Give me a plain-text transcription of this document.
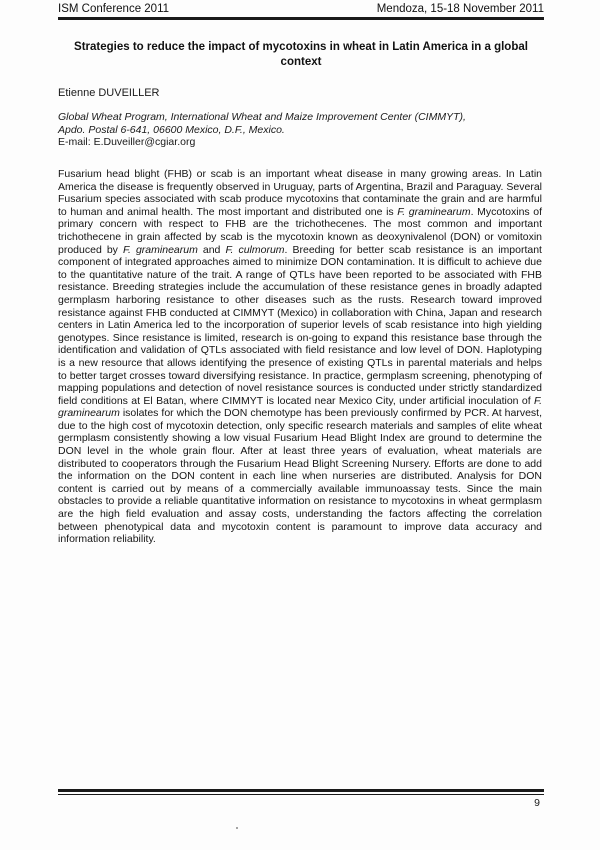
ISM Conference 2011	Mendoza, 15-18 November 2011
Strategies to reduce the impact of mycotoxins in wheat in Latin America in a global context
Etienne DUVEILLER
Global Wheat Program, International Wheat and Maize Improvement Center (CIMMYT),
Apdo. Postal 6-641, 06600 Mexico, D.F., Mexico.
E-mail: E.Duveiller@cgiar.org
Fusarium head blight (FHB) or scab is an important wheat disease in many growing areas. In Latin America the disease is frequently observed in Uruguay, parts of Argentina, Brazil and Paraguay. Several Fusarium species associated with scab produce mycotoxins that contaminate the grain and are harmful to human and animal health. The most important and distributed one is F. graminearum. Mycotoxins of primary concern with respect to FHB are the trichothecenes. The most common and important trichothecene in grain affected by scab is the mycotoxin known as deoxynivalenol (DON) or vomitoxin produced by F. graminearum and F. culmorum. Breeding for better scab resistance is an important component of integrated approaches aimed to minimize DON contamination. It is difficult to achieve due to the quantitative nature of the trait. A range of QTLs have been reported to be associated with FHB resistance. Breeding strategies include the accumulation of these resistance genes in broadly adapted germplasm harboring resistance to other diseases such as the rusts. Research toward improved resistance against FHB conducted at CIMMYT (Mexico) in collaboration with China, Japan and research centers in Latin America led to the incorporation of superior levels of scab resistance into high yielding genotypes. Since resistance is limited, research is on-going to expand this resistance base through the identification and validation of QTLs associated with field resistance and low level of DON. Haplotyping is a new resource that allows identifying the presence of existing QTLs in parental materials and helps to better target crosses toward diversifying resistance. In practice, germplasm screening, phenotyping of mapping populations and detection of novel resistance sources is conducted under strictly standardized field conditions at El Batan, where CIMMYT is located near Mexico City, under artificial inoculation of F. graminearum isolates for which the DON chemotype has been previously confirmed by PCR. At harvest, due to the high cost of mycotoxin detection, only specific research materials and samples of elite wheat germplasm consistently showing a low visual Fusarium Head Blight Index are ground to determine the DON level in the whole grain flour. After at least three years of evaluation, wheat materials are distributed to cooperators through the Fusarium Head Blight Screening Nursery. Efforts are done to add the information on the DON content in each line when nurseries are distributed. Analysis for DON content is carried out by means of a commercially available immunoassay tests. Since the main obstacles to provide a reliable quantitative information on resistance to mycotoxins in wheat germplasm are the high field evaluation and assay costs, understanding the factors affecting the correlation between phenotypical data and mycotoxin content is paramount to improve data accuracy and information reliability.
9
